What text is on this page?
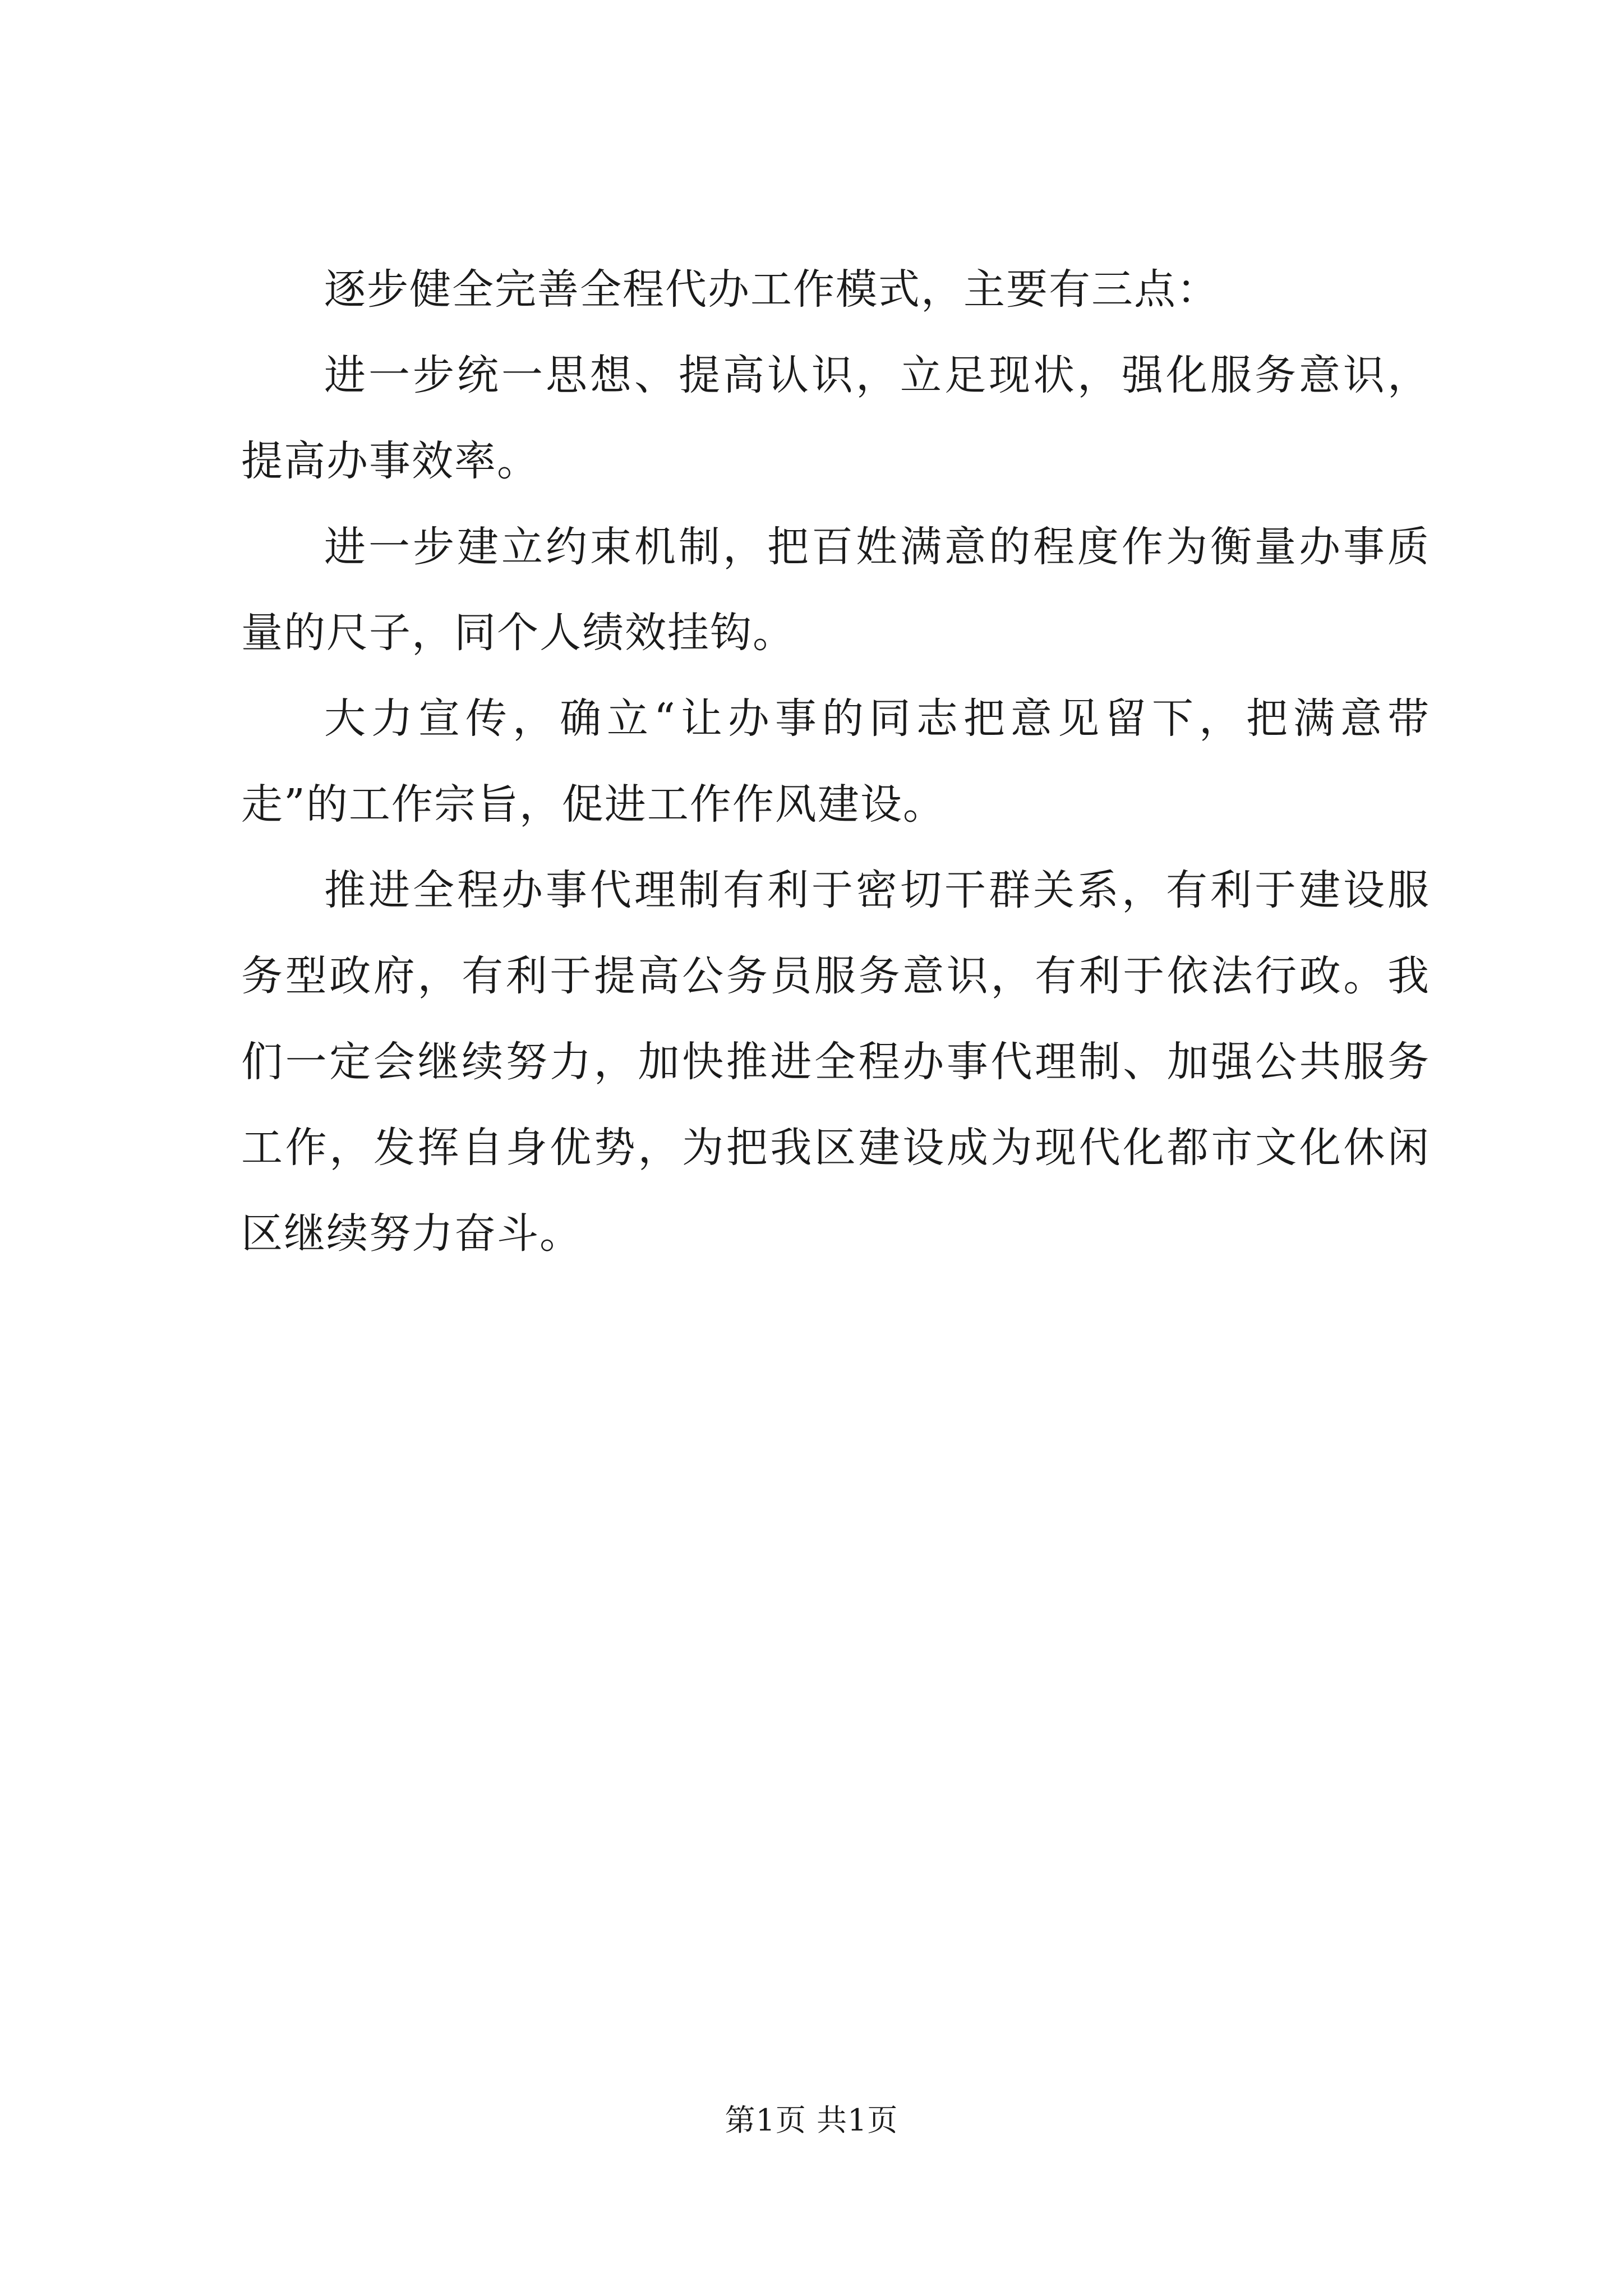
逐步健全完善全程代办工作模式，主要有三点：

进一步统一思想、提高认识，立足现状，强化服务意识，提高办事效率。

进一步建立约束机制，把百姓满意的程度作为衡量办事质量的尺子，同个人绩效挂钩。

大力宣传，确立“让办事的同志把意见留下，把满意带走”的工作宗旨，促进工作作风建设。

推进全程办事代理制有利于密切干群关系，有利于建设服务型政府，有利于提高公务员服务意识，有利于依法行政。我们一定会继续努力，加快推进全程办事代理制、加强公共服务工作，发挥自身优势，为把我区建设成为现代化都市文化休闲区继续努力奋斗。

第1页 共1页
